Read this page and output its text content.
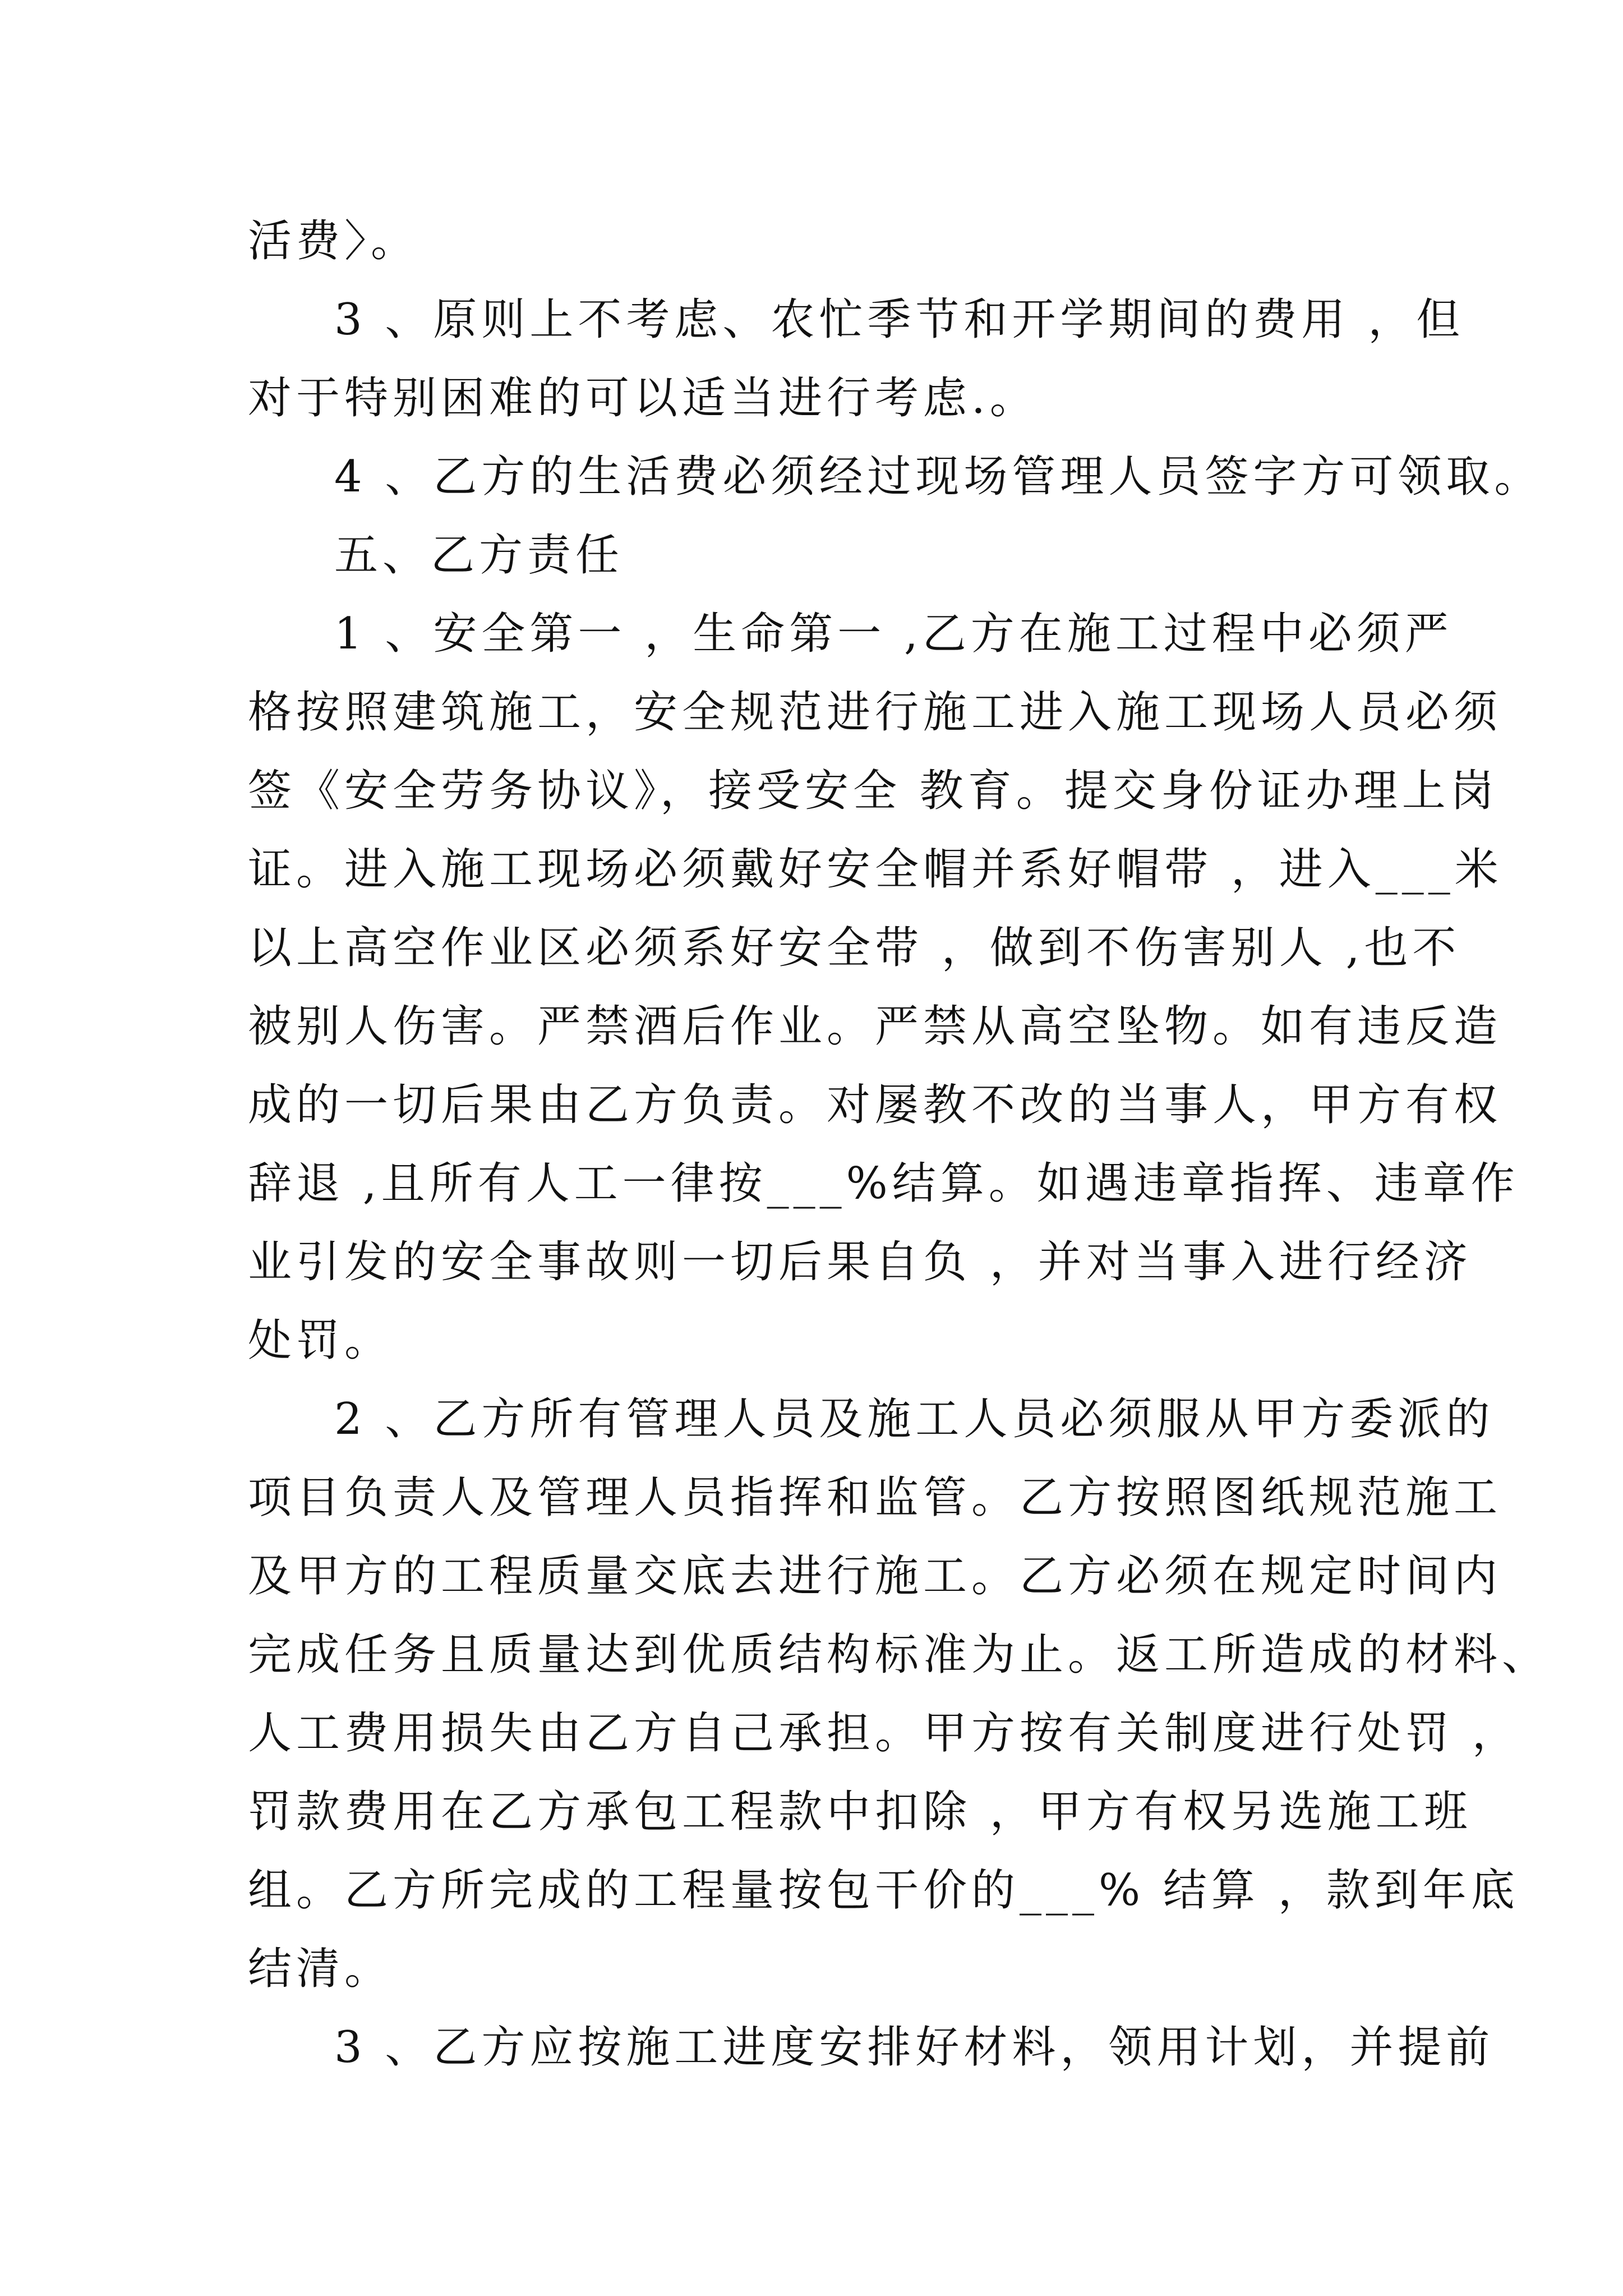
活费〉。
3 、原则上不考虑、农忙季节和开学期间的费用 ，但
对于特别困难的可以适当进行考虑.。
4 、乙方的生活费必须经过现场管理人员签字方可领取。
五、乙方责任
1 、安全第一 ，生命第一 ,乙方在施工过程中必须严
格按照建筑施工，安全规范进行施工进入施工现场人员必须
签《安全劳务协议》，接受安全 教育。提交身份证办理上岗
证。进入施工现场必须戴好安全帽并系好帽带 ，进入___米
以上高空作业区必须系好安全带 ，做到不伤害别人 ,也不
被别人伤害。严禁酒后作业。严禁从高空坠物。如有违反造
成的一切后果由乙方负责。对屡教不改的当事人，甲方有权
辞退 ,且所有人工一律按___%结算。如遇违章指挥、违章作
业引发的安全事故则一切后果自负 ，并对当事入进行经济
处罚。
2 、乙方所有管理人员及施工人员必须服从甲方委派的
项目负责人及管理人员指挥和监管。乙方按照图纸规范施工
及甲方的工程质量交底去进行施工。乙方必须在规定时间内
完成任务且质量达到优质结构标准为止。返工所造成的材料、
人工费用损失由乙方自己承担。甲方按有关制度进行处罚 ，
罚款费用在乙方承包工程款中扣除 ，甲方有权另选施工班
组。乙方所完成的工程量按包干价的___% 结算 ，款到年底
结清。
3 、乙方应按施工进度安排好材料，领用计划，并提前
